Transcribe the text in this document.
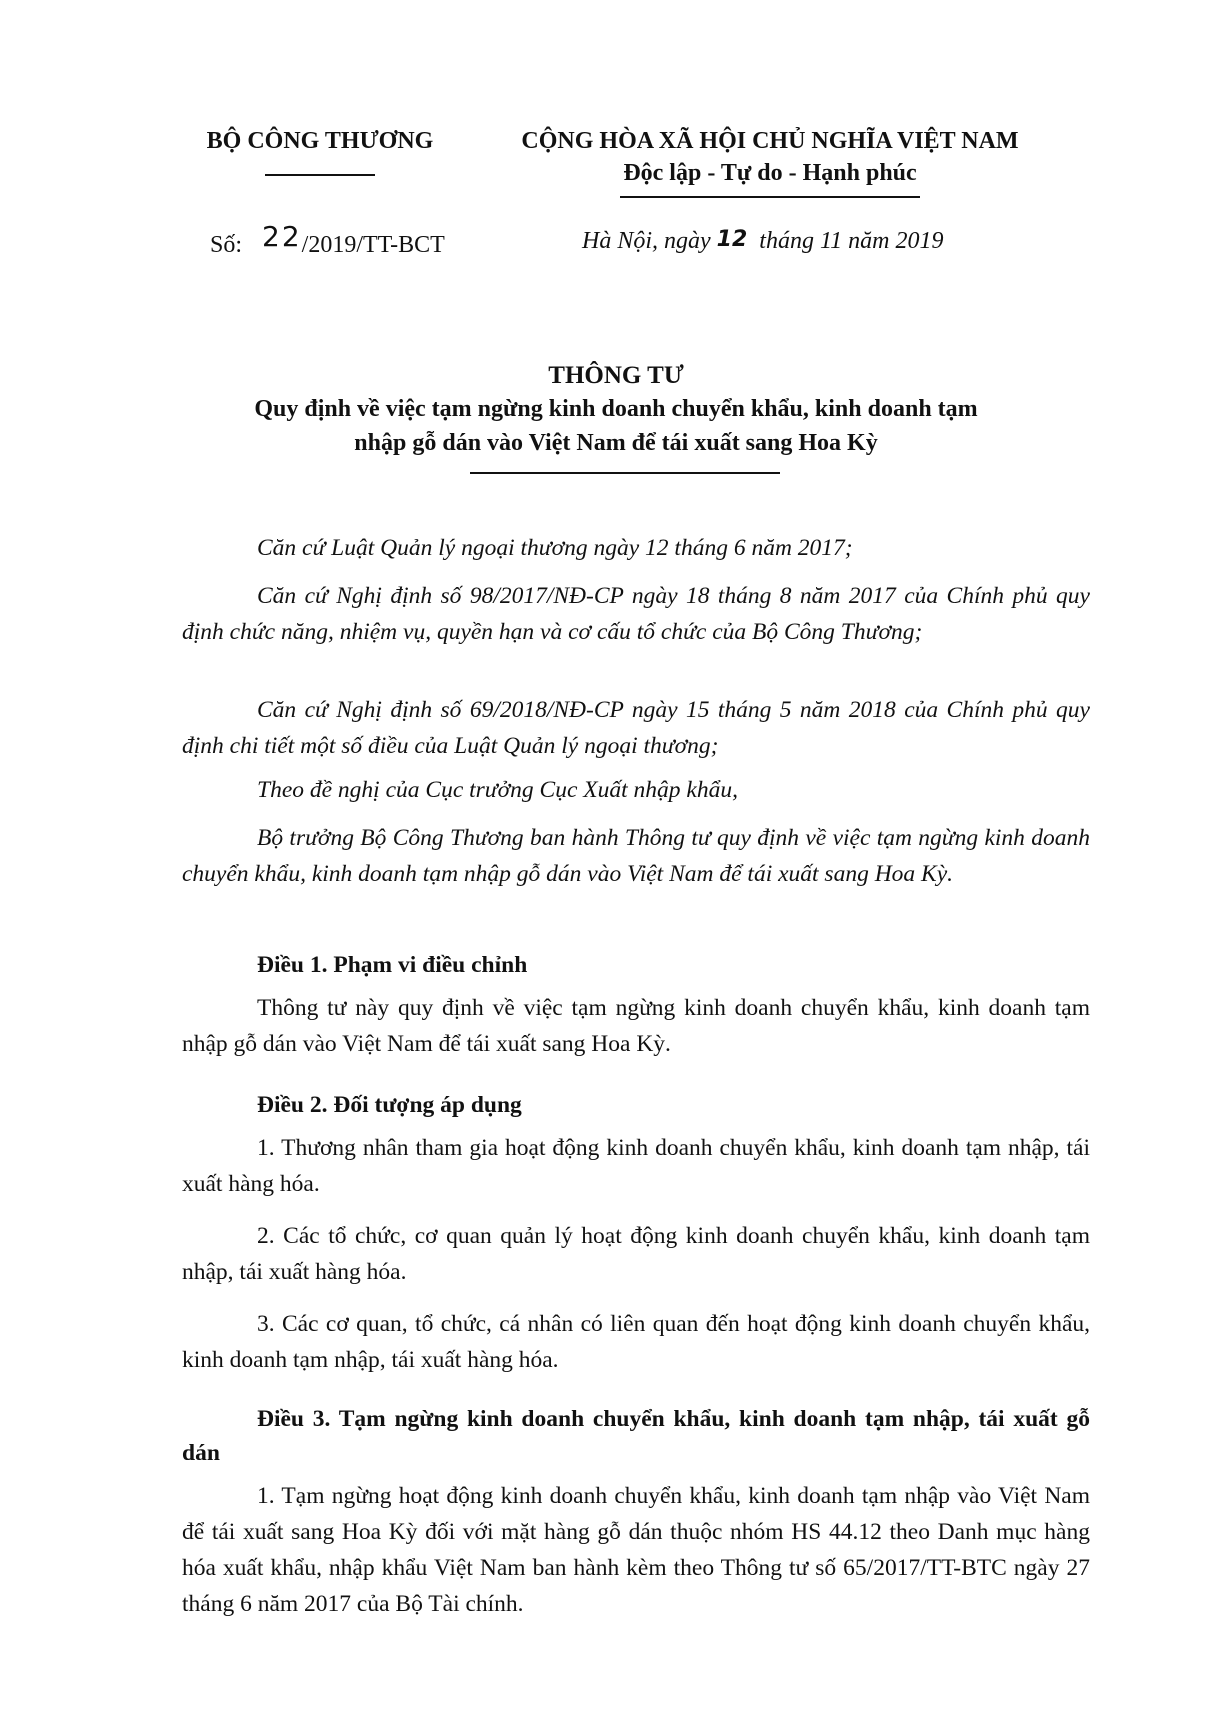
BỘ CÔNG THƯƠNG	CỘNG HÒA XÃ HỘI CHỦ NGHĨA VIỆT NAM
Độc lập - Tự do - Hạnh phúc
Số: 22/2019/TT-BCT	Hà Nội, ngày 12 tháng 11 năm 2019
THÔNG TƯ
Quy định về việc tạm ngừng kinh doanh chuyển khẩu, kinh doanh tạm
nhập gỗ dán vào Việt Nam để tái xuất sang Hoa Kỳ
Căn cứ Luật Quản lý ngoại thương ngày 12 tháng 6 năm 2017;
Căn cứ Nghị định số 98/2017/NĐ-CP ngày 18 tháng 8 năm 2017 của Chính phủ quy định chức năng, nhiệm vụ, quyền hạn và cơ cấu tổ chức của Bộ Công Thương;
Căn cứ Nghị định số 69/2018/NĐ-CP ngày 15 tháng 5 năm 2018 của Chính phủ quy định chi tiết một số điều của Luật Quản lý ngoại thương;
Theo đề nghị của Cục trưởng Cục Xuất nhập khẩu,
Bộ trưởng Bộ Công Thương ban hành Thông tư quy định về việc tạm ngừng kinh doanh chuyển khẩu, kinh doanh tạm nhập gỗ dán vào Việt Nam để tái xuất sang Hoa Kỳ.
Điều 1. Phạm vi điều chỉnh
Thông tư này quy định về việc tạm ngừng kinh doanh chuyển khẩu, kinh doanh tạm nhập gỗ dán vào Việt Nam để tái xuất sang Hoa Kỳ.
Điều 2. Đối tượng áp dụng
1. Thương nhân tham gia hoạt động kinh doanh chuyển khẩu, kinh doanh tạm nhập, tái xuất hàng hóa.
2. Các tổ chức, cơ quan quản lý hoạt động kinh doanh chuyển khẩu, kinh doanh tạm nhập, tái xuất hàng hóa.
3. Các cơ quan, tổ chức, cá nhân có liên quan đến hoạt động kinh doanh chuyển khẩu, kinh doanh tạm nhập, tái xuất hàng hóa.
Điều 3. Tạm ngừng kinh doanh chuyển khẩu, kinh doanh tạm nhập, tái xuất gỗ dán
1. Tạm ngừng hoạt động kinh doanh chuyển khẩu, kinh doanh tạm nhập vào Việt Nam để tái xuất sang Hoa Kỳ đối với mặt hàng gỗ dán thuộc nhóm HS 44.12 theo Danh mục hàng hóa xuất khẩu, nhập khẩu Việt Nam ban hành kèm theo Thông tư số 65/2017/TT-BTC ngày 27 tháng 6 năm 2017 của Bộ Tài chính.
